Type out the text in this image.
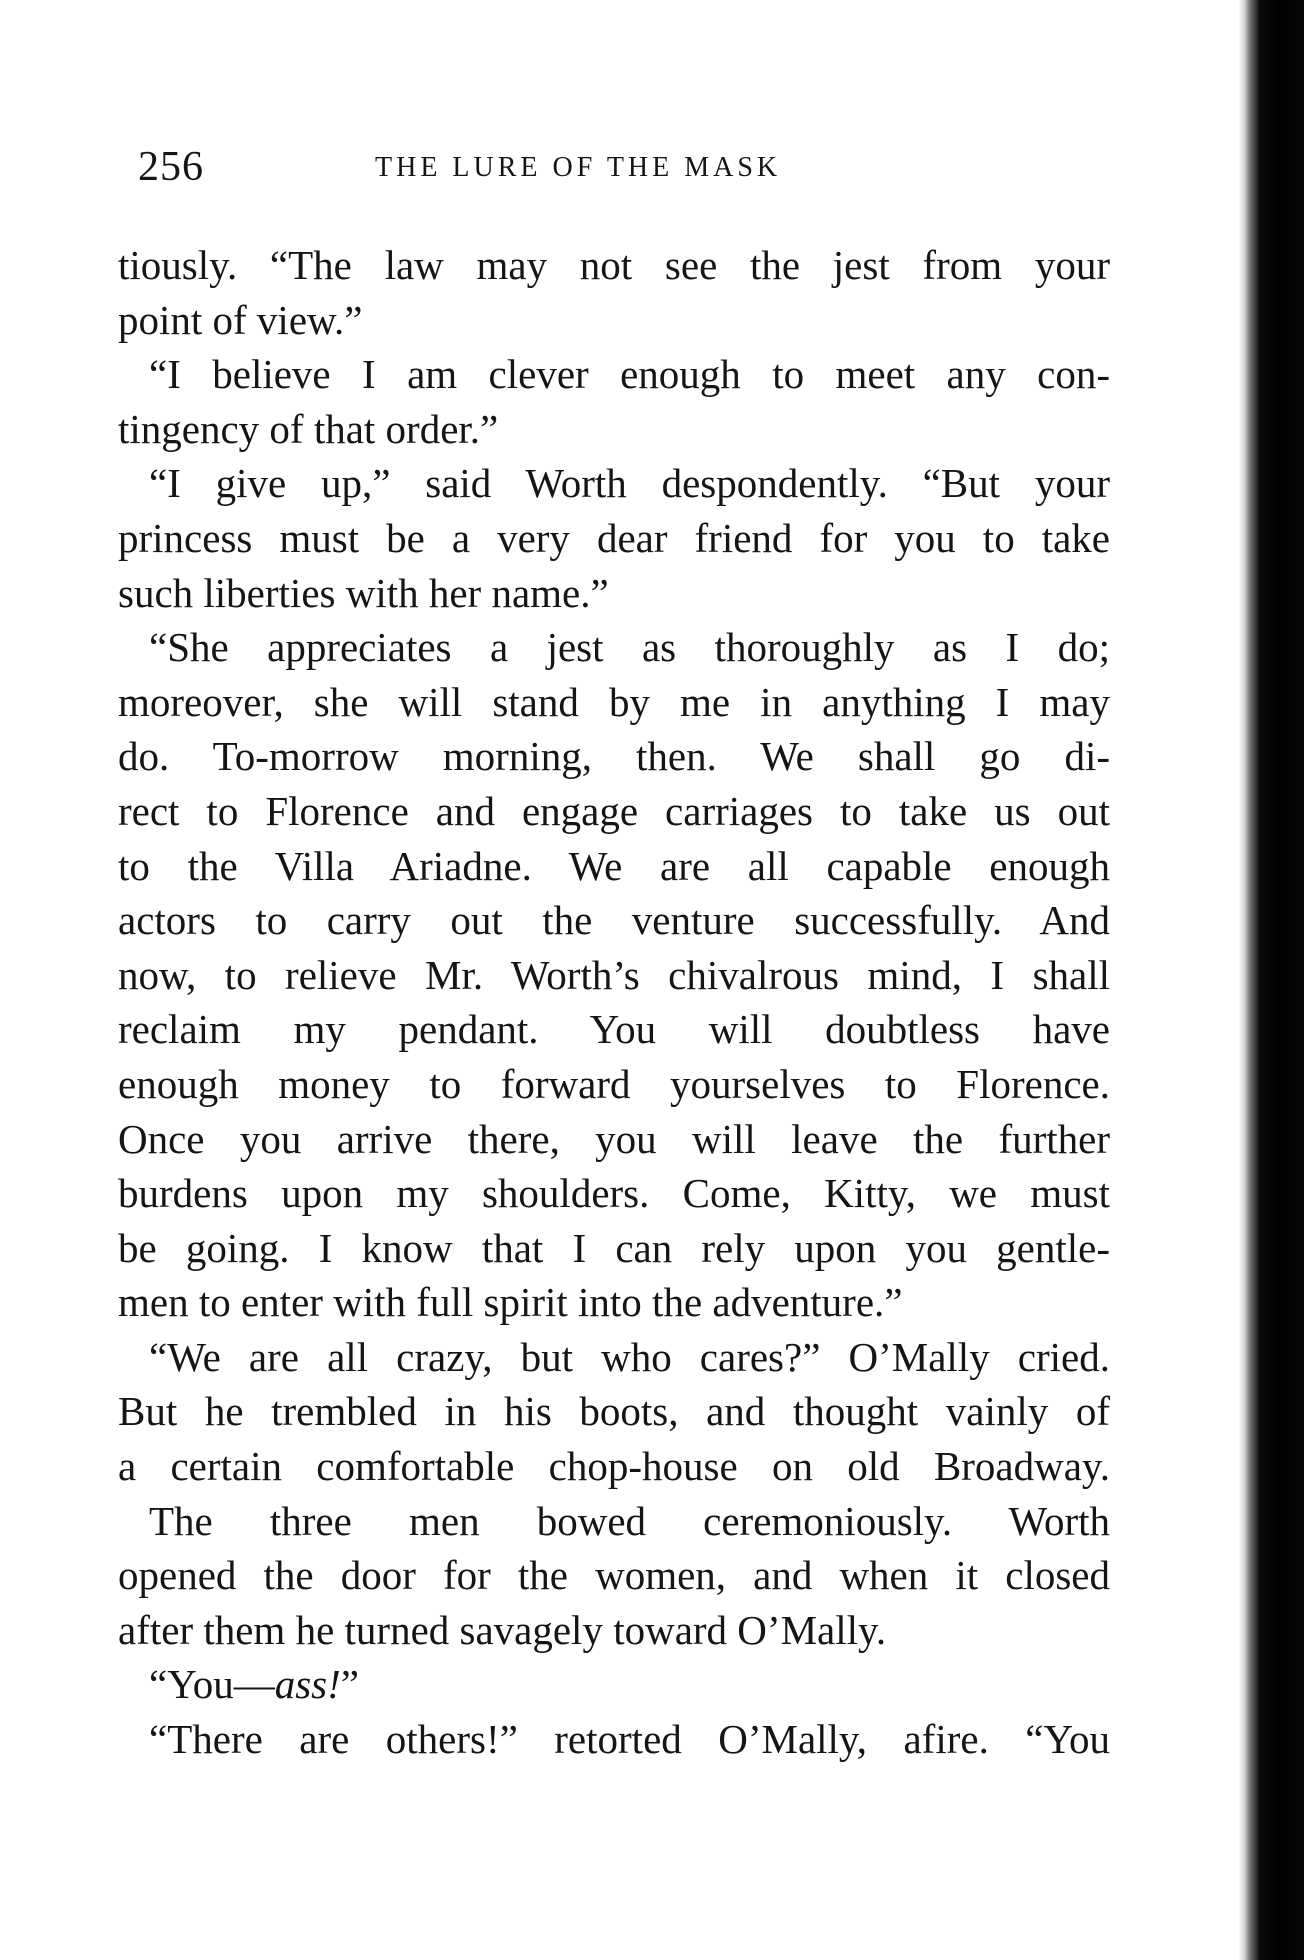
256	THE LURE OF THE MASK
tiously. “The law may not see the jest from your
point of view.”
“I believe I am clever enough to meet any con-
tingency of that order.”
“I give up,” said Worth despondently. “But your
princess must be a very dear friend for you to take
such liberties with her name.”
“She appreciates a jest as thoroughly as I do;
moreover, she will stand by me in anything I may
do. To-morrow morning, then. We shall go di-
rect to Florence and engage carriages to take us out
to the Villa Ariadne. We are all capable enough
actors to carry out the venture successfully. And
now, to relieve Mr. Worth’s chivalrous mind, I shall
reclaim my pendant. You will doubtless have
enough money to forward yourselves to Florence.
Once you arrive there, you will leave the further
burdens upon my shoulders. Come, Kitty, we must
be going. I know that I can rely upon you gentle-
men to enter with full spirit into the adventure.”
“We are all crazy, but who cares?” O’Mally cried.
But he trembled in his boots, and thought vainly of
a certain comfortable chop-house on old Broadway.
The three men bowed ceremoniously. Worth
opened the door for the women, and when it closed
after them he turned savagely toward O’Mally.
“You—ass!”
“There are others!” retorted O’Mally, afire. “You
